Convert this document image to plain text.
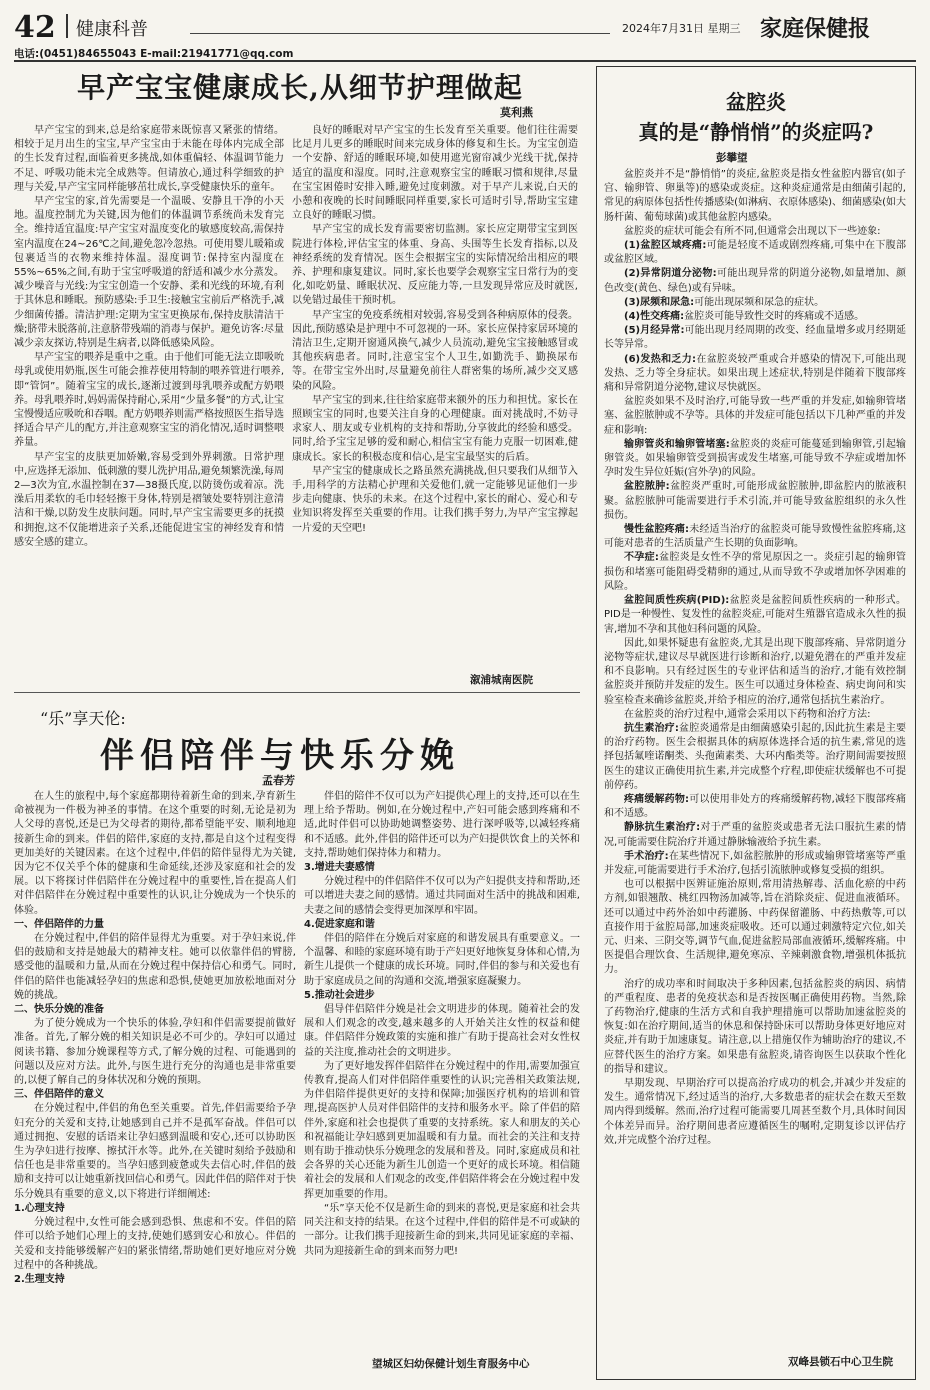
42 健康科普	2024年7月31日 星期三 家庭保健报
电话:(0451)84655043 E-mail:21941771@qq.com
早产宝宝健康成长,从细节护理做起
莫利燕

早产宝宝的到来,总是给家庭带来既惊喜又紧张的情绪。相较于足月出生的宝宝,早产宝宝由于未能在母体内完成全部的生长发育过程,面临着更多挑战,如体重偏轻、体温调节能力不足、呼吸功能未完全成熟等。但请放心,通过科学细致的护理与关爱,早产宝宝同样能够茁壮成长,享受健康快乐的童年。

早产宝宝的家,首先需要是一个温暖、安静且干净的小天地。温度控制尤为关键,因为他们的体温调节系统尚未发育完全。维持适宜温度:早产宝宝对温度变化的敏感度较高,需保持室内温度在24~26℃之间,避免忽冷忽热。可使用婴儿暖箱或包裹适当的衣物来维持体温。湿度调节:保持室内湿度在55%~65%之间,有助于宝宝呼吸道的舒适和减少水分蒸发。减少噪音与光线:为宝宝创造一个安静、柔和光线的环境,有利于其休息和睡眠。预防感染:手卫生:接触宝宝前后严格洗手,减少细菌传播。清洁护理:定期为宝宝更换尿布,保持皮肤清洁干燥;脐带未脱落前,注意脐带残端的消毒与保护。避免访客:尽量减少亲友探访,特别是生病者,以降低感染风险。

早产宝宝的喂养是重中之重。由于他们可能无法立即吸吮母乳或使用奶瓶,医生可能会推荐使用特制的喂养管进行喂养,即“管饲”。随着宝宝的成长,逐渐过渡到母乳喂养或配方奶喂养。母乳喂养时,妈妈需保持耐心,采用“少量多餐”的方式,让宝宝慢慢适应吸吮和吞咽。配方奶喂养则需严格按照医生指导选择适合早产儿的配方,并注意观察宝宝的消化情况,适时调整喂养量。

早产宝宝的皮肤更加娇嫩,容易受到外界刺激。日常护理中,应选择无添加、低刺激的婴儿洗护用品,避免频繁洗澡,每周2—3次为宜,水温控制在37—38摄氏度,以防烫伤或着凉。洗澡后用柔软的毛巾轻轻擦干身体,特别是褶皱处要特别注意清洁和干燥,以防发生皮肤问题。同时,早产宝宝需要更多的抚摸和拥抱,这不仅能增进亲子关系,还能促进宝宝的神经发育和情感安全感的建立。

良好的睡眠对早产宝宝的生长发育至关重要。他们往往需要比足月儿更多的睡眠时间来完成身体的修复和生长。为宝宝创造一个安静、舒适的睡眠环境,如使用遮光窗帘减少光线干扰,保持适宜的温度和湿度。同时,注意观察宝宝的睡眠习惯和规律,尽量在宝宝困倦时安排入睡,避免过度刺激。对于早产儿来说,白天的小憩和夜晚的长时间睡眠同样重要,家长可适时引导,帮助宝宝建立良好的睡眠习惯。

早产宝宝的成长发育需要密切监测。家长应定期带宝宝到医院进行体检,评估宝宝的体重、身高、头围等生长发育指标,以及神经系统的发育情况。医生会根据宝宝的实际情况给出相应的喂养、护理和康复建议。同时,家长也要学会观察宝宝日常行为的变化,如吃奶量、睡眠状况、反应能力等,一旦发现异常应及时就医,以免错过最佳干预时机。

早产宝宝的免疫系统相对较弱,容易受到各种病原体的侵袭。因此,预防感染是护理中不可忽视的一环。家长应保持家居环境的清洁卫生,定期开窗通风换气,减少人员流动,避免宝宝接触感冒或其他疾病患者。同时,注意宝宝个人卫生,如勤洗手、勤换尿布等。在带宝宝外出时,尽量避免前往人群密集的场所,减少交叉感染的风险。

早产宝宝的到来,往往给家庭带来额外的压力和担忧。家长在照顾宝宝的同时,也要关注自身的心理健康。面对挑战时,不妨寻求家人、朋友或专业机构的支持和帮助,分享彼此的经验和感受。同时,给予宝宝足够的爱和耐心,相信宝宝有能力克服一切困难,健康成长。家长的积极态度和信心,是宝宝最坚实的后盾。

早产宝宝的健康成长之路虽然充满挑战,但只要我们从细节入手,用科学的方法精心护理和关爱他们,就一定能够见证他们一步步走向健康、快乐的未来。在这个过程中,家长的耐心、爱心和专业知识将发挥至关重要的作用。让我们携手努力,为早产宝宝撑起一片爱的天空吧!

溆浦城南医院
“乐”享天伦:
伴侣陪伴与快乐分娩
孟春芳

在人生的旅程中,每个家庭都期待着新生命的到来,孕育新生命被视为一件极为神圣的事情。在这个重要的时刻,无论是初为人父母的喜悦,还是已为父母者的期待,都希望能平安、顺利地迎接新生命的到来。伴侣的陪伴,家庭的支持,都是自这个过程变得更加美好的关键因素。在这个过程中,伴侣的陪伴显得尤为关键,因为它不仅关乎个体的健康和生命延续,还涉及家庭和社会的发展。以下将探讨伴侣陪伴在分娩过程中的重要性,旨在提高人们对伴侣陪伴在分娩过程中重要性的认识,让分娩成为一个快乐的体验。

一、伴侣陪伴的力量

在分娩过程中,伴侣的陪伴显得尤为重要。对于孕妇来说,伴侣的鼓励和支持是她最大的精神支柱。她可以依靠伴侣的臂膀,感受他的温暖和力量,从而在分娩过程中保持信心和勇气。同时,伴侣的陪伴也能减轻孕妇的焦虑和恐惧,使她更加放松地面对分娩的挑战。

二、快乐分娩的准备

为了使分娩成为一个快乐的体验,孕妇和伴侣需要提前做好准备。首先,了解分娩的相关知识是必不可少的。孕妇可以通过阅读书籍、参加分娩课程等方式,了解分娩的过程、可能遇到的问题以及应对方法。此外,与医生进行充分的沟通也是非常重要的,以便了解自己的身体状况和分娩的预期。

三、伴侣陪伴的意义

在分娩过程中,伴侣的角色至关重要。首先,伴侣需要给予孕妇充分的关爱和支持,让她感到自己并不是孤军奋战。伴侣可以通过拥抱、安慰的话语来让孕妇感到温暖和安心,还可以协助医生为孕妇进行按摩、擦拭汗水等。此外,在关键时刻给予鼓励和信任也是非常重要的。当孕妇感到疲惫或失去信心时,伴侣的鼓励和支持可以让她重新找回信心和勇气。因此伴侣的陪伴对于快乐分娩具有重要的意义,以下将进行详细阐述:

1.心理支持

分娩过程中,女性可能会感到恐惧、焦虑和不安。伴侣的陪伴可以给予她们心理上的支持,使她们感到安心和放心。伴侣的关爱和支持能够缓解产妇的紧张情绪,帮助她们更好地应对分娩过程中的各种挑战。

2.生理支持

伴侣的陪伴不仅可以为产妇提供心理上的支持,还可以在生理上给予帮助。例如,在分娩过程中,产妇可能会感到疼痛和不适,此时伴侣可以协助她调整姿势、进行深呼吸等,以减轻疼痛和不适感。此外,伴侣的陪伴还可以为产妇提供饮食上的关怀和支持,帮助她们保持体力和精力。

3.增进夫妻感情

分娩过程中的伴侣陪伴不仅可以为产妇提供支持和帮助,还可以增进夫妻之间的感情。通过共同面对生活中的挑战和困难,夫妻之间的感情会变得更加深厚和牢固。

4.促进家庭和谐

伴侣的陪伴在分娩后对家庭的和谐发展具有重要意义。一个温馨、和睦的家庭环境有助于产妇更好地恢复身体和心情,为新生儿提供一个健康的成长环境。同时,伴侣的参与和关爱也有助于家庭成员之间的沟通和交流,增强家庭凝聚力。

5.推动社会进步

倡导伴侣陪伴分娩是社会文明进步的体现。随着社会的发展和人们观念的改变,越来越多的人开始关注女性的权益和健康。伴侣陪伴分娩政策的实施和推广有助于提高社会对女性权益的关注度,推动社会的文明进步。

为了更好地发挥伴侣陪伴在分娩过程中的作用,需要加强宣传教育,提高人们对伴侣陪伴重要性的认识;完善相关政策法规,为伴侣陪伴提供更好的支持和保障;加强医疗机构的培训和管理,提高医护人员对伴侣陪伴的支持和服务水平。除了伴侣的陪伴外,家庭和社会也提供了重要的支持系统。家人和朋友的关心和祝福能让孕妇感到更加温暖和有力量。而社会的关注和支持则有助于推动快乐分娩理念的发展和普及。同时,家庭成员和社会各界的关心还能为新生儿创造一个更好的成长环境。相信随着社会的发展和人们观念的改变,伴侣陪伴将会在分娩过程中发挥更加重要的作用。

“乐”享天伦不仅是新生命的到来的喜悦,更是家庭和社会共同关注和支持的结果。在这个过程中,伴侣的陪伴是不可或缺的一部分。让我们携手迎接新生命的到来,共同见证家庭的幸福、共同为迎接新生命的到来而努力吧!

望城区妇幼保健计划生育服务中心
盆腔炎
真的是“静悄悄”的炎症吗?
彭攀望

盆腔炎并不是“静悄悄”的炎症,盆腔炎是指女性盆腔内器官(如子宫、输卵管、卵巢等)的感染或炎症。这种炎症通常是由细菌引起的,常见的病原体包括性传播感染(如淋病、衣原体感染)、细菌感染(如大肠杆菌、葡萄球菌)或其他盆腔内感染。

盆腔炎的症状可能会有所不同,但通常会出现以下一些迹象:

(1)盆腔区域疼痛:可能是轻度不适或剧烈疼痛,可集中在下腹部或盆腔区域。

(2)异常阴道分泌物:可能出现异常的阴道分泌物,如量增加、颜色改变(黄色、绿色)或有异味。

(3)尿频和尿急:可能出现尿频和尿急的症状。

(4)性交疼痛:盆腔炎可能导致性交时的疼痛或不适感。

(5)月经异常:可能出现月经周期的改变、经血量增多或月经期延长等异常。

(6)发热和乏力:在盆腔炎较严重或合并感染的情况下,可能出现发热、乏力等全身症状。如果出现上述症状,特别是伴随着下腹部疼痛和异常阴道分泌物,建议尽快就医。

盆腔炎如果不及时治疗,可能导致一些严重的并发症,如输卵管堵塞、盆腔脓肿或不孕等。具体的并发症可能包括以下几种严重的并发症和影响:

输卵管炎和输卵管堵塞:盆腔炎的炎症可能蔓延到输卵管,引起输卵管炎。如果输卵管受到损害或发生堵塞,可能导致不孕症或增加怀孕时发生异位妊娠(宫外孕)的风险。

盆腔脓肿:盆腔炎严重时,可能形成盆腔脓肿,即盆腔内的脓液积聚。盆腔脓肿可能需要进行手术引流,并可能导致盆腔组织的永久性损伤。

慢性盆腔疼痛:未经适当治疗的盆腔炎可能导致慢性盆腔疼痛,这可能对患者的生活质量产生长期的负面影响。

不孕症:盆腔炎是女性不孕的常见原因之一。炎症引起的输卵管损伤和堵塞可能阻碍受精卵的通过,从而导致不孕或增加怀孕困难的风险。

盆腔间质性疾病(PID):盆腔炎是盆腔间质性疾病的一种形式。PID是一种慢性、复发性的盆腔炎症,可能对生殖器官造成永久性的损害,增加不孕和其他妇科问题的风险。

因此,如果怀疑患有盆腔炎,尤其是出现下腹部疼痛、异常阴道分泌物等症状,建议尽早就医进行诊断和治疗,以避免潜在的严重并发症和不良影响。只有经过医生的专业评估和适当的治疗,才能有效控制盆腔炎并预防并发症的发生。医生可以通过身体检查、病史询问和实验室检查来确诊盆腔炎,并给予相应的治疗,通常包括抗生素治疗。

在盆腔炎的治疗过程中,通常会采用以下药物和治疗方法:

抗生素治疗:盆腔炎通常是由细菌感染引起的,因此抗生素是主要的治疗药物。医生会根据具体的病原体选择合适的抗生素,常见的选择包括氟喹诺酮类、头孢菌素类、大环内酯类等。治疗期间需要按照医生的建议正确使用抗生素,并完成整个疗程,即使症状缓解也不可提前停药。

疼痛缓解药物:可以使用非处方的疼痛缓解药物,减轻下腹部疼痛和不适感。

静脉抗生素治疗:对于严重的盆腔炎或患者无法口服抗生素的情况,可能需要住院治疗并通过静脉输液给予抗生素。

手术治疗:在某些情况下,如盆腔脓肿的形成或输卵管堵塞等严重并发症,可能需要进行手术治疗,包括引流脓肿或修复受损的组织。

也可以根据中医辨证施治原则,常用清热解毒、活血化瘀的中药方剂,如银翘散、桃红四物汤加减等,旨在消除炎症、促进血液循环。还可以通过中药外治如中药灌肠、中药保留灌肠、中药热敷等,可以直接作用于盆腔局部,加速炎症吸收。还可以通过刺激特定穴位,如关元、归来、三阴交等,调节气血,促进盆腔局部血液循环,缓解疼痛。中医提倡合理饮食、生活规律,避免寒凉、辛辣刺激食物,增强机体抵抗力。

治疗的成功率和时间取决于多种因素,包括盆腔炎的病因、病情的严重程度、患者的免疫状态和是否按医嘱正确使用药物。当然,除了药物治疗,健康的生活方式和自我护理措施可以帮助加速盆腔炎的恢复:如在治疗期间,适当的休息和保持卧床可以帮助身体更好地应对炎症,并有助于加速康复。请注意,以上措施仅作为辅助治疗的建议,不应替代医生的治疗方案。如果患有盆腔炎,请咨询医生以获取个性化的指导和建议。

早期发现、早期治疗可以提高治疗成功的机会,并减少并发症的发生。通常情况下,经过适当的治疗,大多数患者的症状会在数天至数周内得到缓解。然而,治疗过程可能需要几周甚至数个月,具体时间因个体差异而异。治疗期间患者应遵循医生的嘱咐,定期复诊以评估疗效,并完成整个治疗过程。

双峰县锁石中心卫生院
